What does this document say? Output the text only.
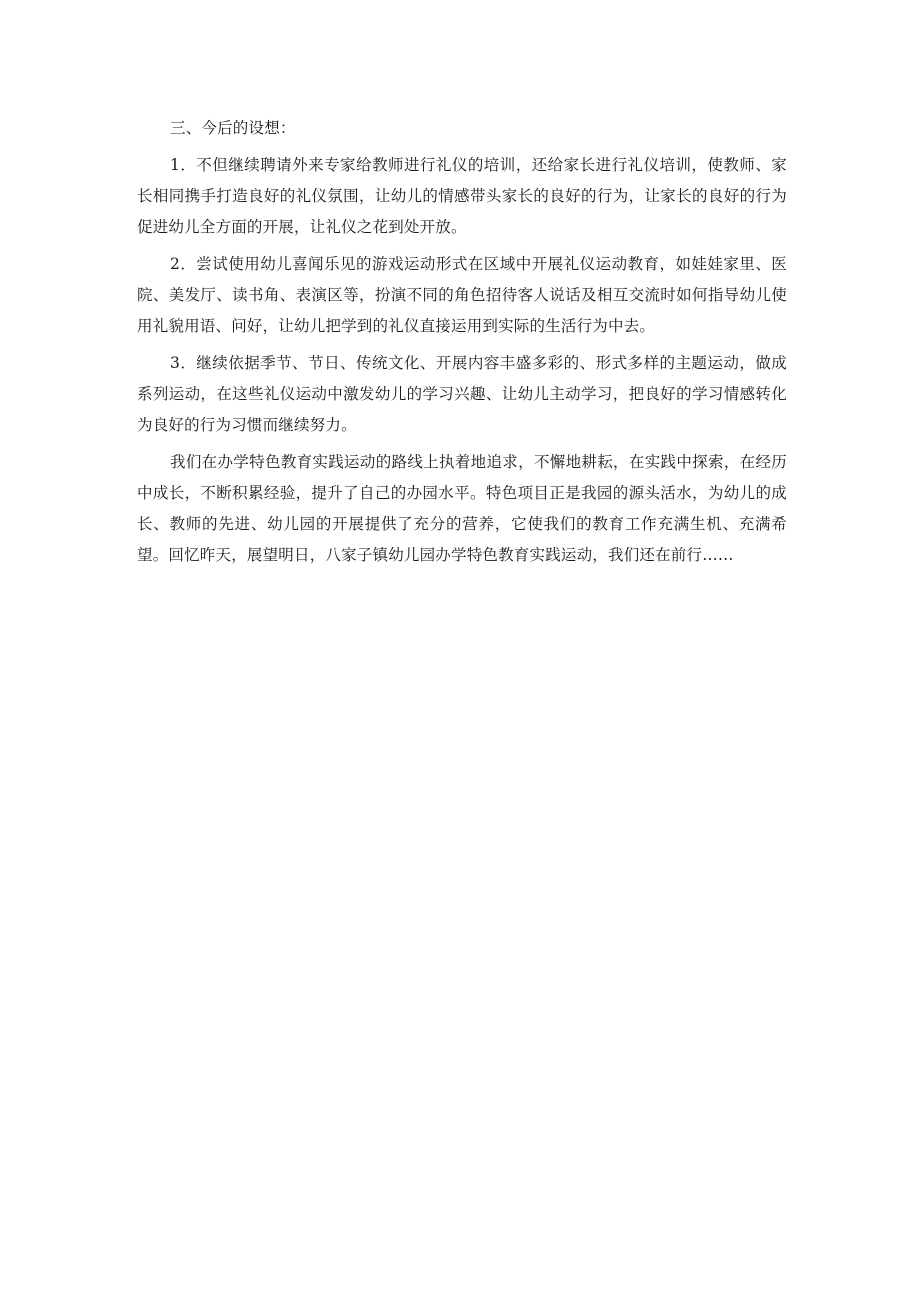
三、今后的设想：

1．不但继续聘请外来专家给教师进行礼仪的培训，还给家长进行礼仪培训，使教师、家长相同携手打造良好的礼仪氛围，让幼儿的情感带头家长的良好的行为，让家长的良好的行为促进幼儿全方面的开展，让礼仪之花到处开放。

2．尝试使用幼儿喜闻乐见的游戏运动形式在区域中开展礼仪运动教育，如娃娃家里、医院、美发厅、读书角、表演区等，扮演不同的角色招待客人说话及相互交流时如何指导幼儿使用礼貌用语、问好，让幼儿把学到的礼仪直接运用到实际的生活行为中去。

3．继续依据季节、节日、传统文化、开展内容丰盛多彩的、形式多样的主题运动，做成系列运动，在这些礼仪运动中激发幼儿的学习兴趣、让幼儿主动学习，把良好的学习情感转化为良好的行为习惯而继续努力。

我们在办学特色教育实践运动的路线上执着地追求，不懈地耕耘，在实践中探索，在经历中成长，不断积累经验，提升了自己的办园水平。特色项目正是我园的源头活水，为幼儿的成长、教师的先进、幼儿园的开展提供了充分的营养，它使我们的教育工作充满生机、充满希望。回忆昨天，展望明日，八家子镇幼儿园办学特色教育实践运动，我们还在前行……
